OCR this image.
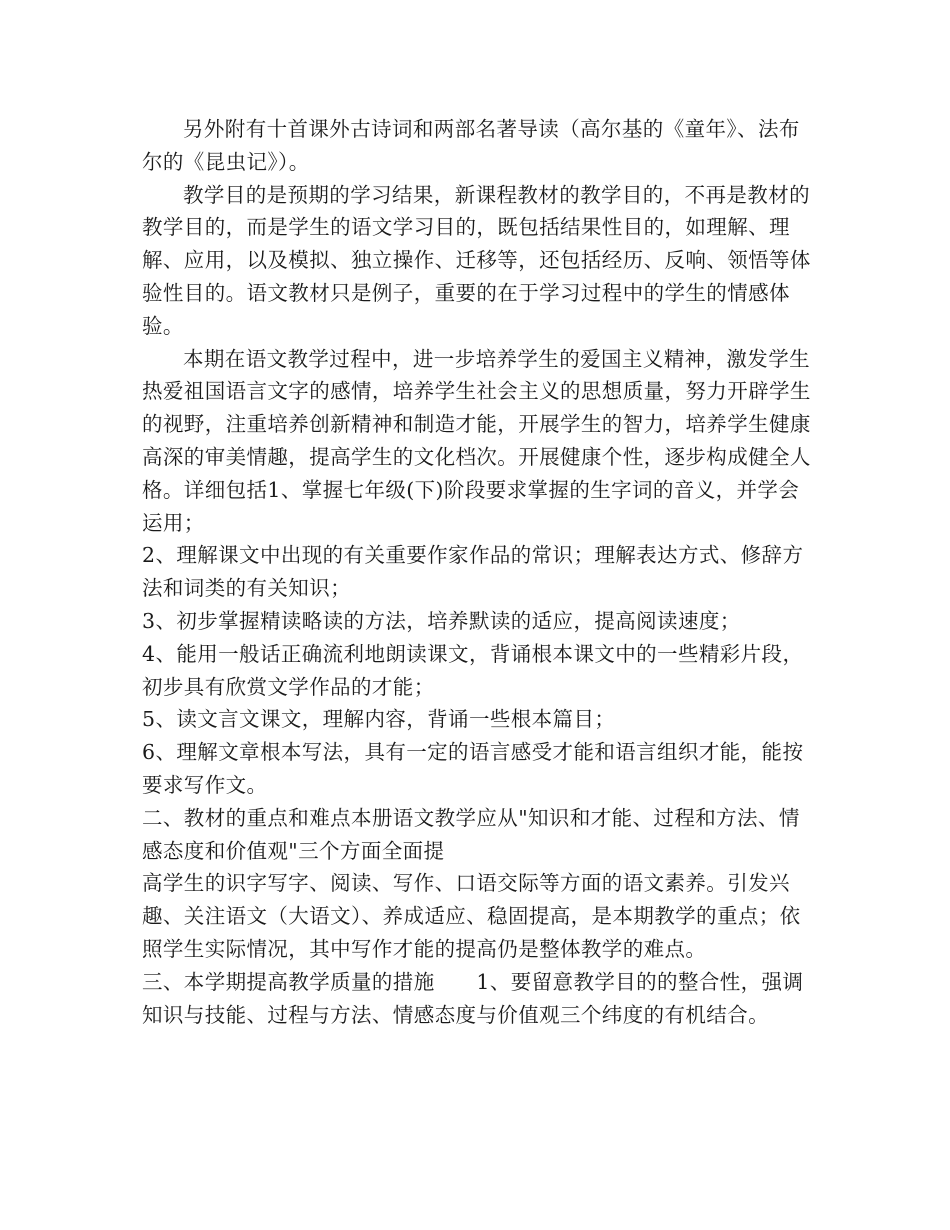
另外附有十首课外古诗词和两部名著导读（高尔基的《童年》、法布尔的《昆虫记》）。

教学目的是预期的学习结果，新课程教材的教学目的，不再是教材的教学目的，而是学生的语文学习目的，既包括结果性目的，如理解、理解、应用，以及模拟、独立操作、迁移等，还包括经历、反响、领悟等体验性目的。语文教材只是例子，重要的在于学习过程中的学生的情感体验。

本期在语文教学过程中，进一步培养学生的爱国主义精神，激发学生热爱祖国语言文字的感情，培养学生社会主义的思想质量，努力开辟学生的视野，注重培养创新精神和制造才能，开展学生的智力，培养学生健康高深的审美情趣，提高学生的文化档次。开展健康个性，逐步构成健全人格。详细包括1、掌握七年级(下)阶段要求掌握的生字词的音义，并学会运用；

2、理解课文中出现的有关重要作家作品的常识；理解表达方式、修辞方法和词类的有关知识；

3、初步掌握精读略读的方法，培养默读的适应，提高阅读速度；

4、能用一般话正确流利地朗读课文，背诵根本课文中的一些精彩片段，初步具有欣赏文学作品的才能；

5、读文言文课文，理解内容，背诵一些根本篇目；

6、理解文章根本写法，具有一定的语言感受才能和语言组织才能，能按要求写作文。

二、教材的重点和难点本册语文教学应从"知识和才能、过程和方法、情感态度和价值观"三个方面全面提

高学生的识字写字、阅读、写作、口语交际等方面的语文素养。引发兴趣、关注语文（大语文）、养成适应、稳固提高，是本期教学的重点；依照学生实际情况，其中写作才能的提高仍是整体教学的难点。

三、本学期提高教学质量的措施　　1、要留意教学目的的整合性，强调知识与技能、过程与方法、情感态度与价值观三个纬度的有机结合。
